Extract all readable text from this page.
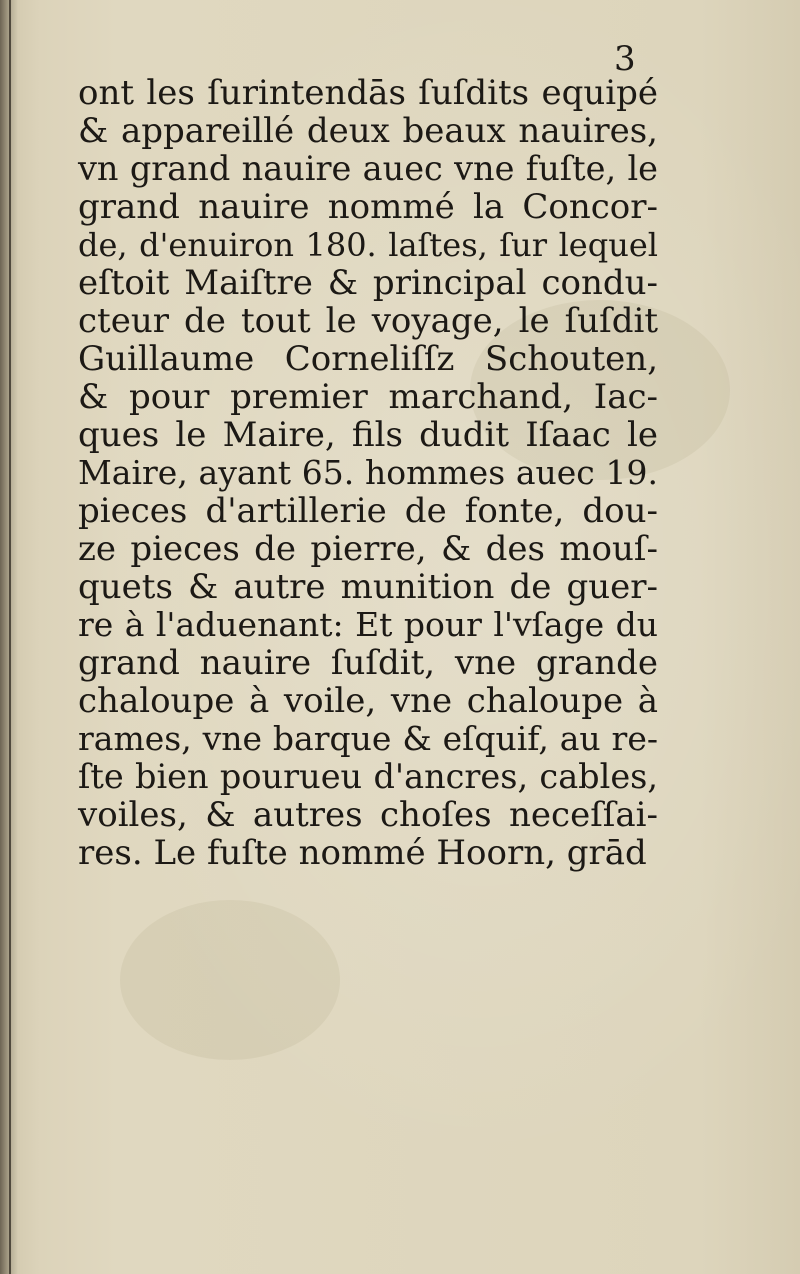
3
ont les ſurintendās ſuſdits equipé
& appareillé deux beaux nauires,
vn grand nauire auec vne fuſte, le
grand nauire nommé la Concor-
de, d'enuiron 180. laſtes, ſur lequel
eſtoit Maiſtre & principal condu-
cteur de tout le voyage, le ſuſdit
Guillaume Corneliſſz Schouten,
& pour premier marchand, Iac-
ques le Maire, fils dudit Iſaac le
Maire, ayant 65. hommes auec 19.
pieces d'artillerie de fonte, dou-
ze pieces de pierre, & des mouſ-
quets & autre munition de guer-
re à l'aduenant: Et pour l'vſage du
grand nauire ſuſdit, vne grande
chaloupe à voile, vne chaloupe à
rames, vne barque & eſquif, au re-
ſte bien pourueu d'ancres, cables,
voiles, & autres choſes neceſſai-
res. Le fuſte nommé Hoorn, grād
